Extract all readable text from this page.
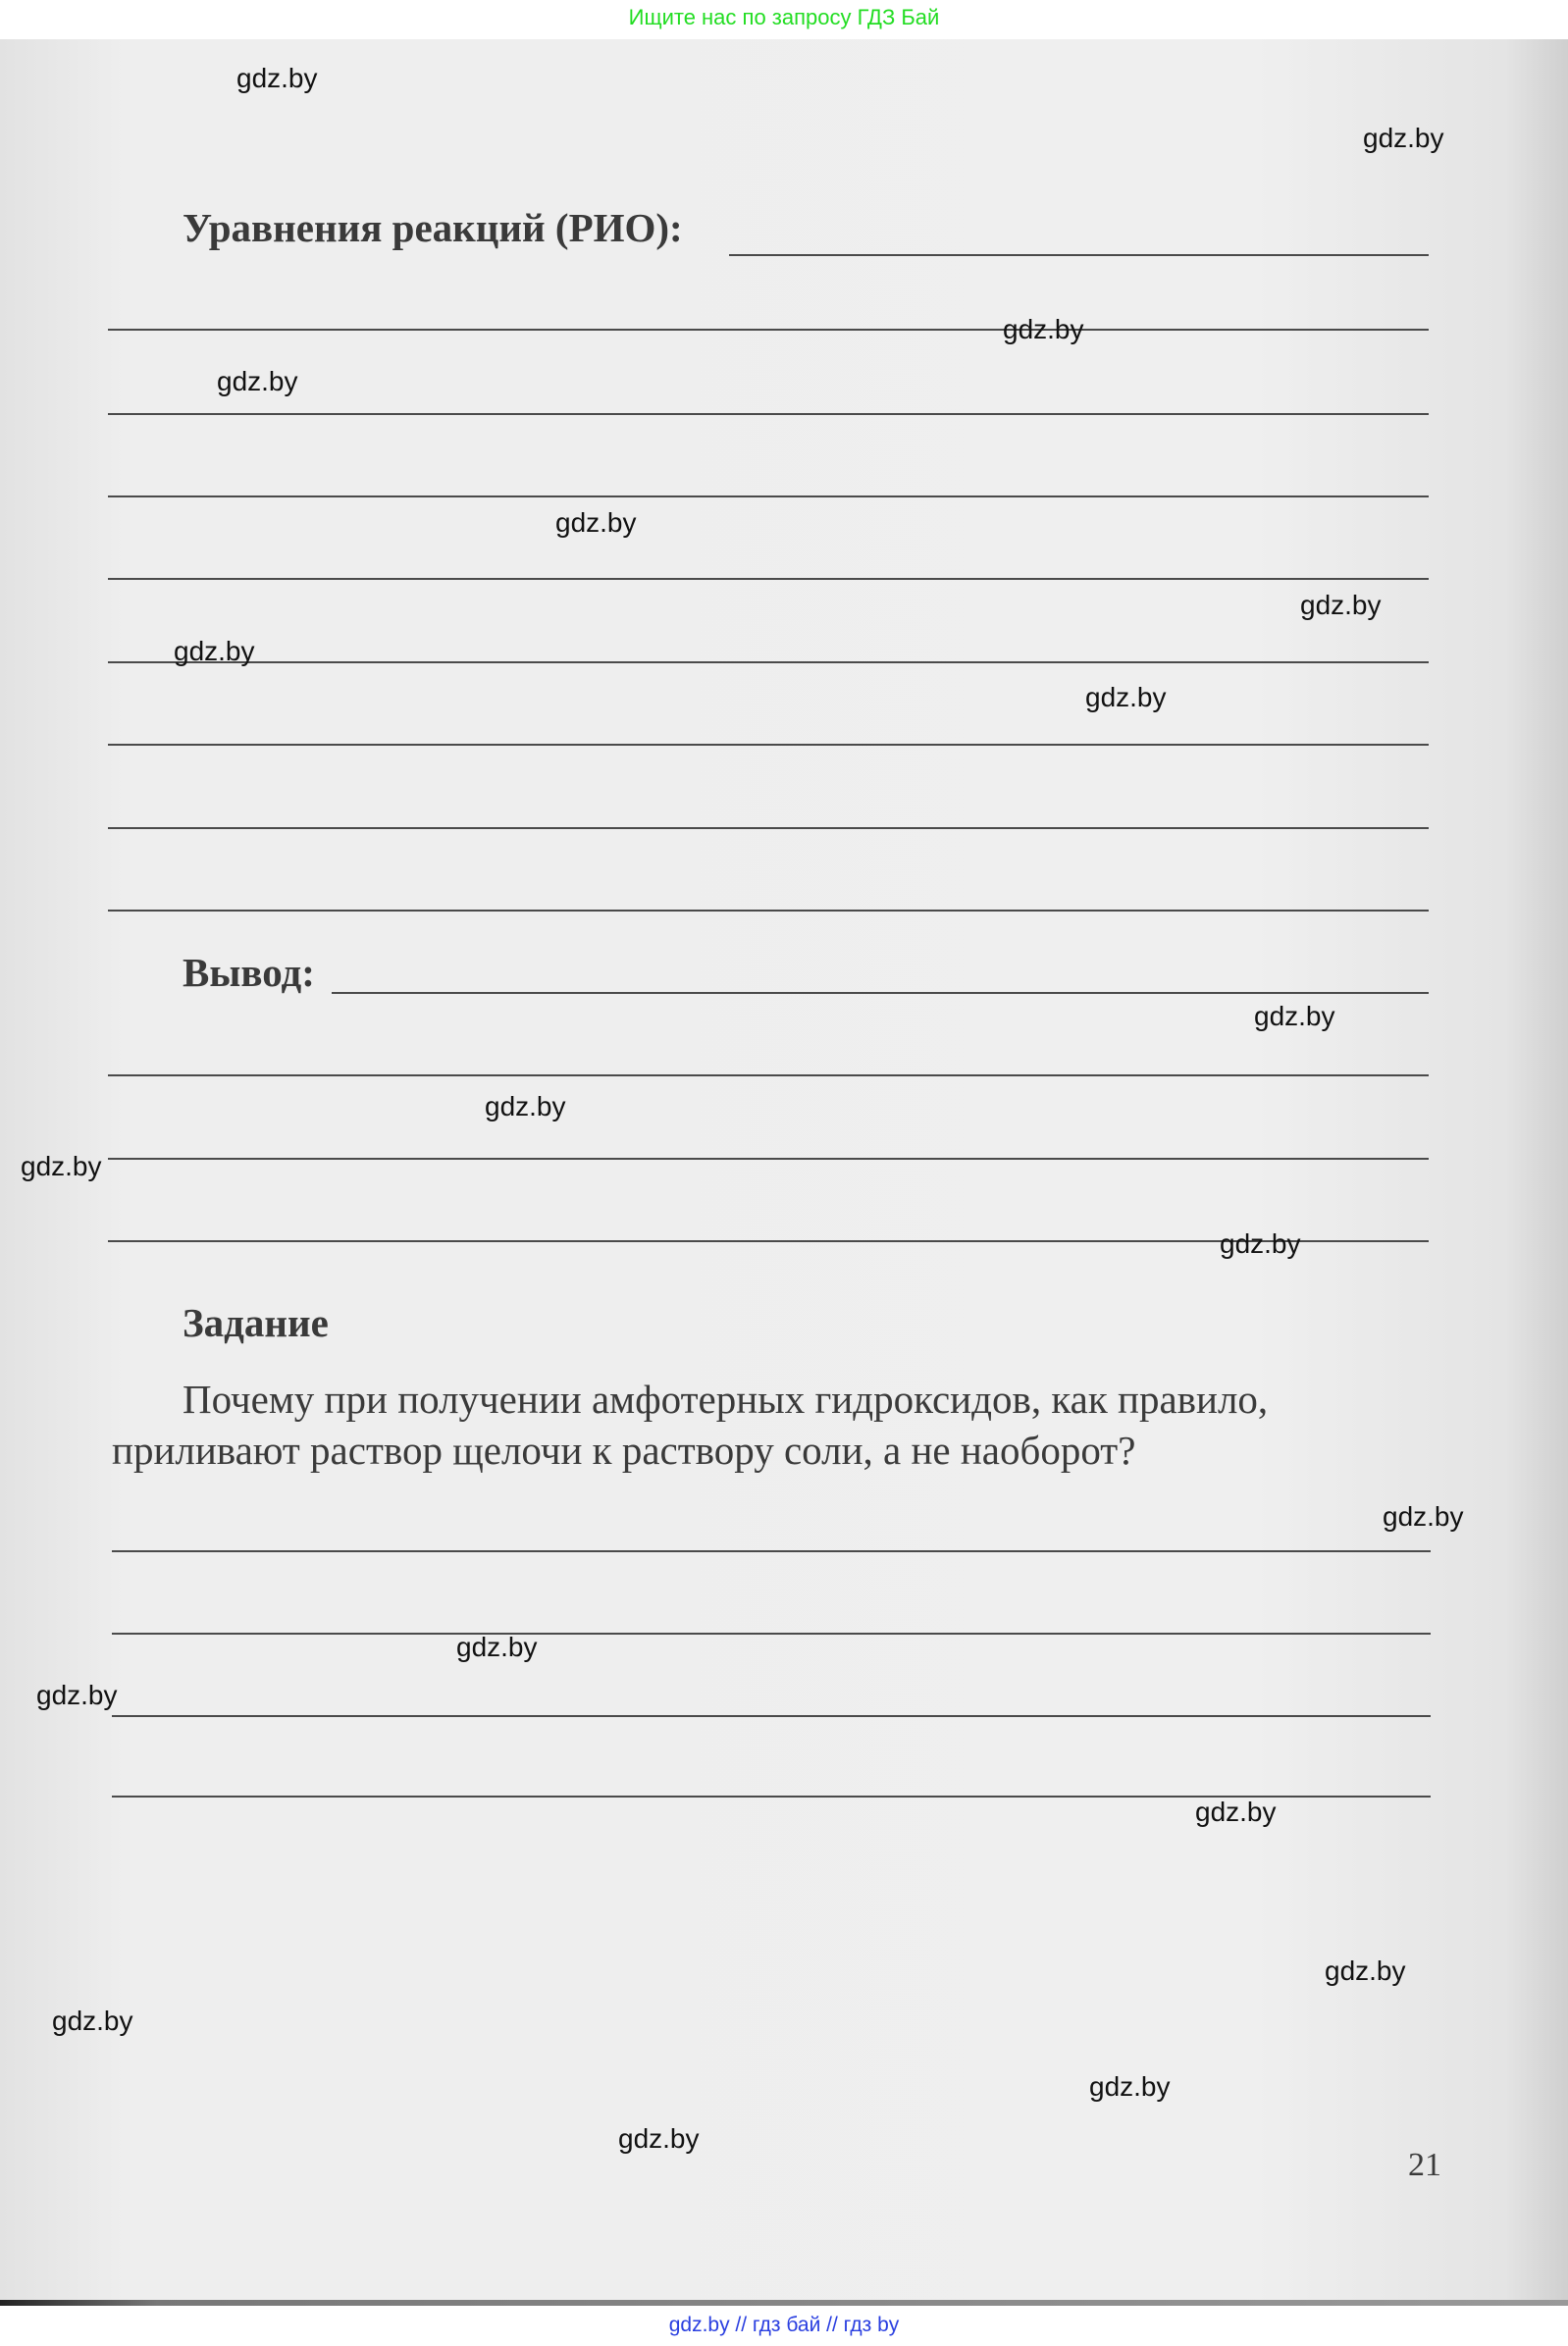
Ищите нас по запросу ГДЗ Бай
Уравнения реакций (РИО):
Вывод:
Задание
Почему при получении амфотерных гидроксидов, как правило,
приливают раствор щелочи к раствору соли, а не наоборот?
21
gdz.by
gdz.by
gdz.by
gdz.by
gdz.by
gdz.by
gdz.by
gdz.by
gdz.by
gdz.by
gdz.by
gdz.by
gdz.by
gdz.by
gdz.by
gdz.by
gdz.by
gdz.by
gdz.by
gdz.by
gdz.by // гдз бай // гдз by
